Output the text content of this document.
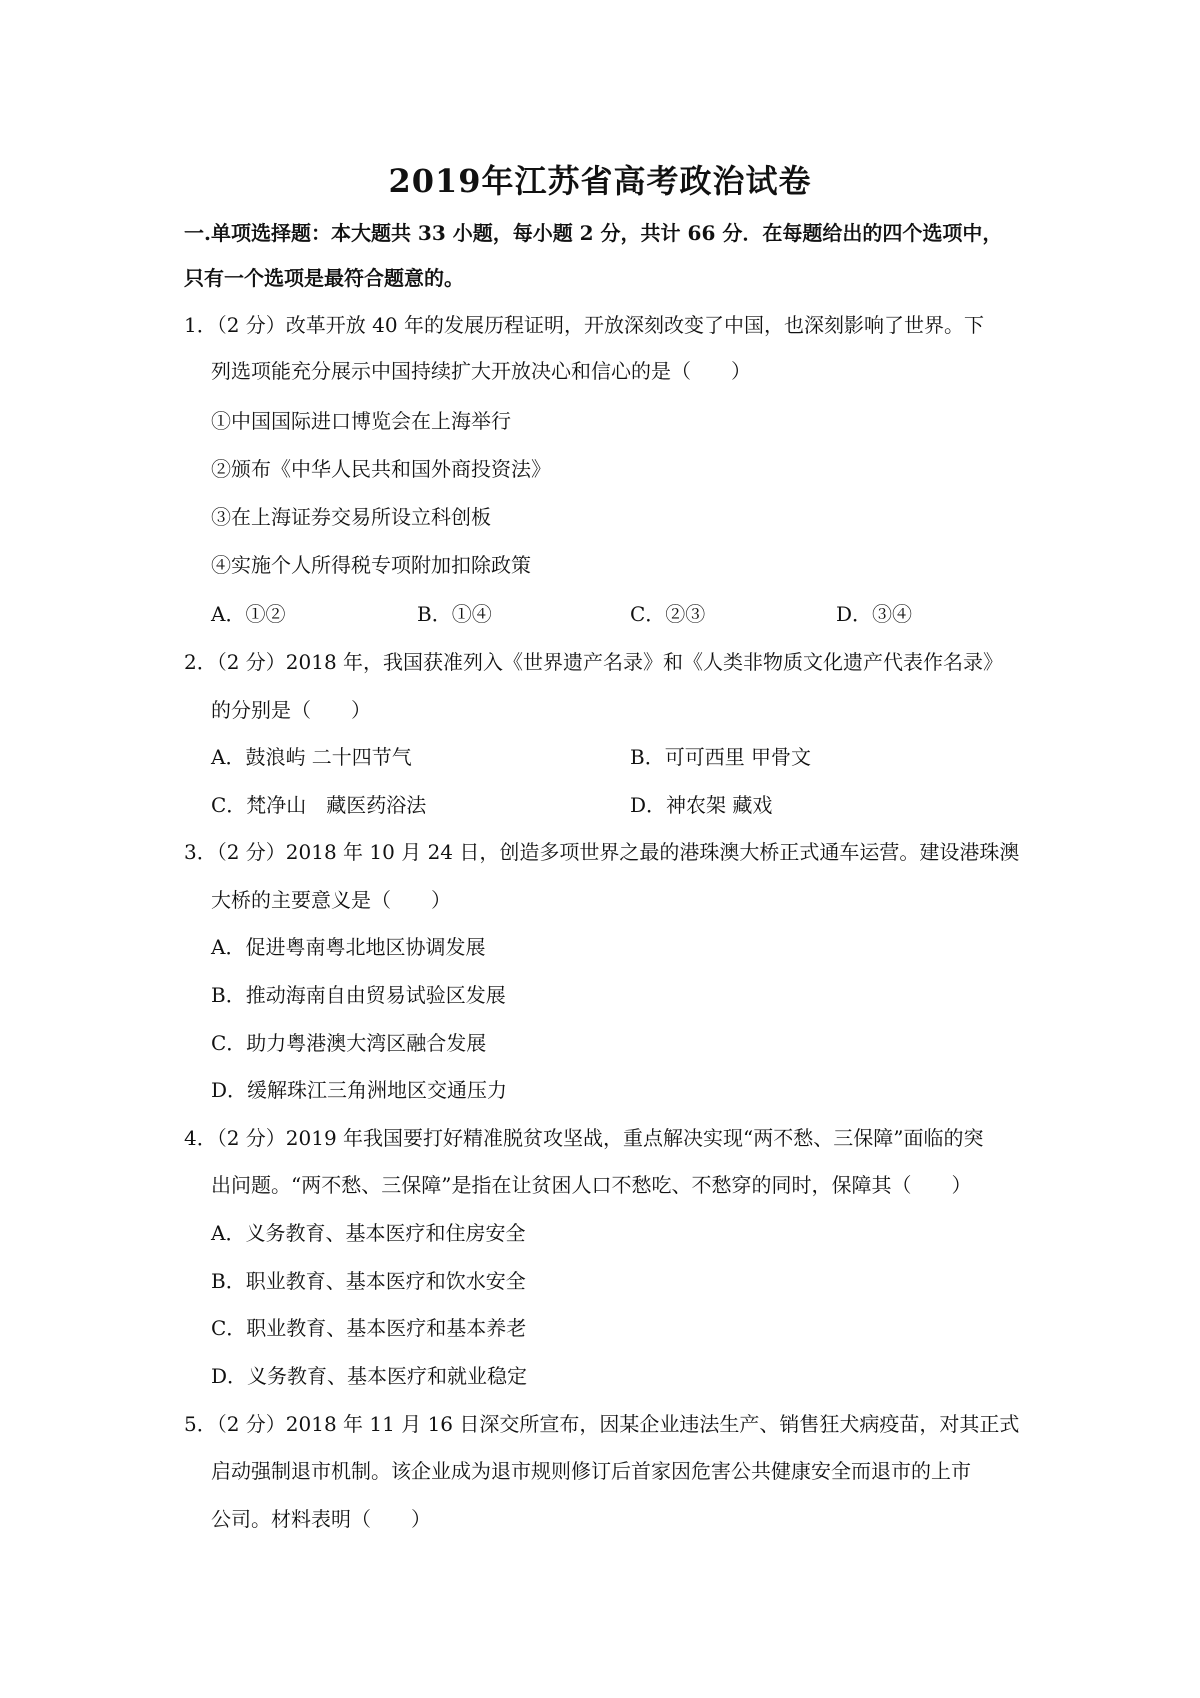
2019年江苏省高考政治试卷
一.单项选择题：本大题共 33 小题，每小题 2 分，共计 66 分．在每题给出的四个选项中，
只有一个选项是最符合题意的。
1．（2 分）改革开放 40 年的发展历程证明，开放深刻改变了中国，也深刻影响了世界。下
列选项能充分展示中国持续扩大开放决心和信心的是（　　）
①中国国际进口博览会在上海举行
②颁布《中华人民共和国外商投资法》
③在上海证券交易所设立科创板
④实施个人所得税专项附加扣除政策
A．①②	B．①④	C．②③	D．③④
2．（2 分）2018 年，我国获准列入《世界遗产名录》和《人类非物质文化遗产代表作名录》
的分别是（　　）
A．鼓浪屿 二十四节气	B．可可西里 甲骨文
C．梵净山　藏医药浴法	D．神农架 藏戏
3．（2 分）2018 年 10 月 24 日，创造多项世界之最的港珠澳大桥正式通车运营。建设港珠澳
大桥的主要意义是（　　）
A．促进粤南粤北地区协调发展
B．推动海南自由贸易试验区发展
C．助力粤港澳大湾区融合发展
D．缓解珠江三角洲地区交通压力
4．（2 分）2019 年我国要打好精准脱贫攻坚战，重点解决实现“两不愁、三保障”面临的突
出问题。“两不愁、三保障”是指在让贫困人口不愁吃、不愁穿的同时，保障其（　　）
A．义务教育、基本医疗和住房安全
B．职业教育、基本医疗和饮水安全
C．职业教育、基本医疗和基本养老
D．义务教育、基本医疗和就业稳定
5．（2 分）2018 年 11 月 16 日深交所宣布，因某企业违法生产、销售狂犬病疫苗，对其正式
启动强制退市机制。该企业成为退市规则修订后首家因危害公共健康安全而退市的上市
公司。材料表明（　　）
